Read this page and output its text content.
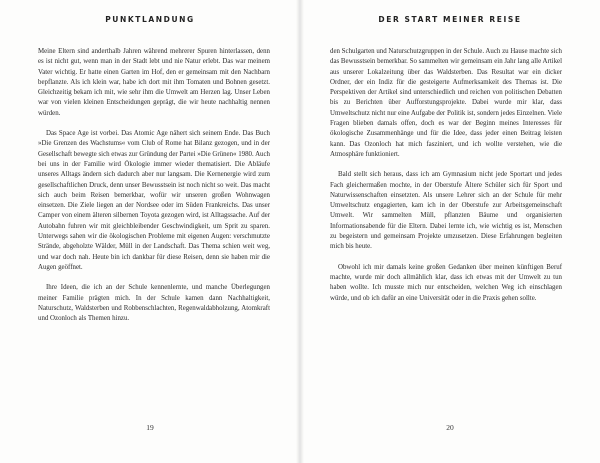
PUNKTLANDUNG

Meine Eltern sind anderthalb Jahren während mehrerer Spuren hinterlassen, denn es ist nicht gut, wenn man in der Stadt lebt und nie Natur erlebt. Das war meinem Vater wichtig. Er hatte einen Garten im Hof, den er gemeinsam mit den Nachbarn bepflanzte. Als ich klein war, habe ich dort mit ihm Tomaten und Bohnen gesetzt. Gleichzeitig bekam ich mit, wie sehr ihm die Umwelt am Herzen lag. Unser Leben war von vielen kleinen Entscheidungen geprägt, die wir heute nachhaltig nennen würden.

Das Space Age ist vorbei. Das Atomic Age nähert sich seinem Ende. Das Buch »Die Grenzen des Wachstums« vom Club of Rome hat Bilanz gezogen, und in der Gesellschaft bewegte sich etwas zur Gründung der Partei »Die Grünen« 1980. Auch bei uns in der Familie wird Ökologie immer wieder thematisiert. Die Abläufe unseres Alltags ändern sich dadurch aber nur langsam. Die Kernenergie wird zum gesellschaftlichen Druck, denn unser Bewusstsein ist noch nicht so weit. Das macht sich auch beim Reisen bemerkbar, wofür wir unseren großen Wohnwagen einsetzen. Die Ziele liegen an der Nordsee oder im Süden Frankreichs. Das unser Camper von einem älteren silbernen Toyota gezogen wird, ist Alltagssache. Auf der Autobahn fuhren wir mit gleichbleibender Geschwindigkeit, um Sprit zu sparen. Unterwegs sahen wir die ökologischen Probleme mit eigenen Augen: verschmutzte Strände, abgeholzte Wälder, Müll in der Landschaft. Das Thema schien weit weg, und war doch nah. Heute bin ich dankbar für diese Reisen, denn sie haben mir die Augen geöffnet.

Ihre Ideen, die ich an der Schule kennenlernte, und manche Überlegungen meiner Familie prägten mich. In der Schule kamen dann Nachhaltigkeit, Naturschutz, Waldsterben und Robbenschlachten, Regenwaldabholzung, Atomkraft und Ozonloch als Themen hinzu.

19
DER START MEINER REISE

den Schulgarten und Naturschutzgruppen in der Schule. Auch zu Hause machte sich das Bewusstsein bemerkbar. So sammelten wir gemeinsam ein Jahr lang alle Artikel aus unserer Lokalzeitung über das Waldsterben. Das Resultat war ein dicker Ordner, der ein Indiz für die gesteigerte Aufmerksamkeit des Themas ist. Die Perspektiven der Artikel sind unterschiedlich und reichen von politischen Debatten bis zu Berichten über Aufforstungsprojekte. Dabei wurde mir klar, dass Umweltschutz nicht nur eine Aufgabe der Politik ist, sondern jedes Einzelnen. Viele Fragen blieben damals offen, doch es war der Beginn meines Interesses für ökologische Zusammenhänge und für die Idee, dass jeder einen Beitrag leisten kann. Das Ozonloch hat mich fasziniert, und ich wollte verstehen, wie die Atmosphäre funktioniert.

Bald stellt sich heraus, dass ich am Gymnasium nicht jede Sportart und jedes Fach gleichermaßen mochte, in der Oberstufe Ältere Schüler sich für Sport und Naturwissenschaften einsetzten. Als unsere Lehrer sich an der Schule für mehr Umweltschutz engagierten, kam ich in der Oberstufe zur Arbeitsgemeinschaft Umwelt. Wir sammelten Müll, pflanzten Bäume und organisierten Informationsabende für die Eltern. Dabei lernte ich, wie wichtig es ist, Menschen zu begeistern und gemeinsam Projekte umzusetzen. Diese Erfahrungen begleiten mich bis heute.

Obwohl ich mir damals keine großen Gedanken über meinen künftigen Beruf machte, wurde mir doch allmählich klar, dass ich etwas mit der Umwelt zu tun haben wollte. Ich musste mich nur entscheiden, welchen Weg ich einschlagen würde, und ob ich dafür an eine Universität oder in die Praxis gehen sollte.

20
